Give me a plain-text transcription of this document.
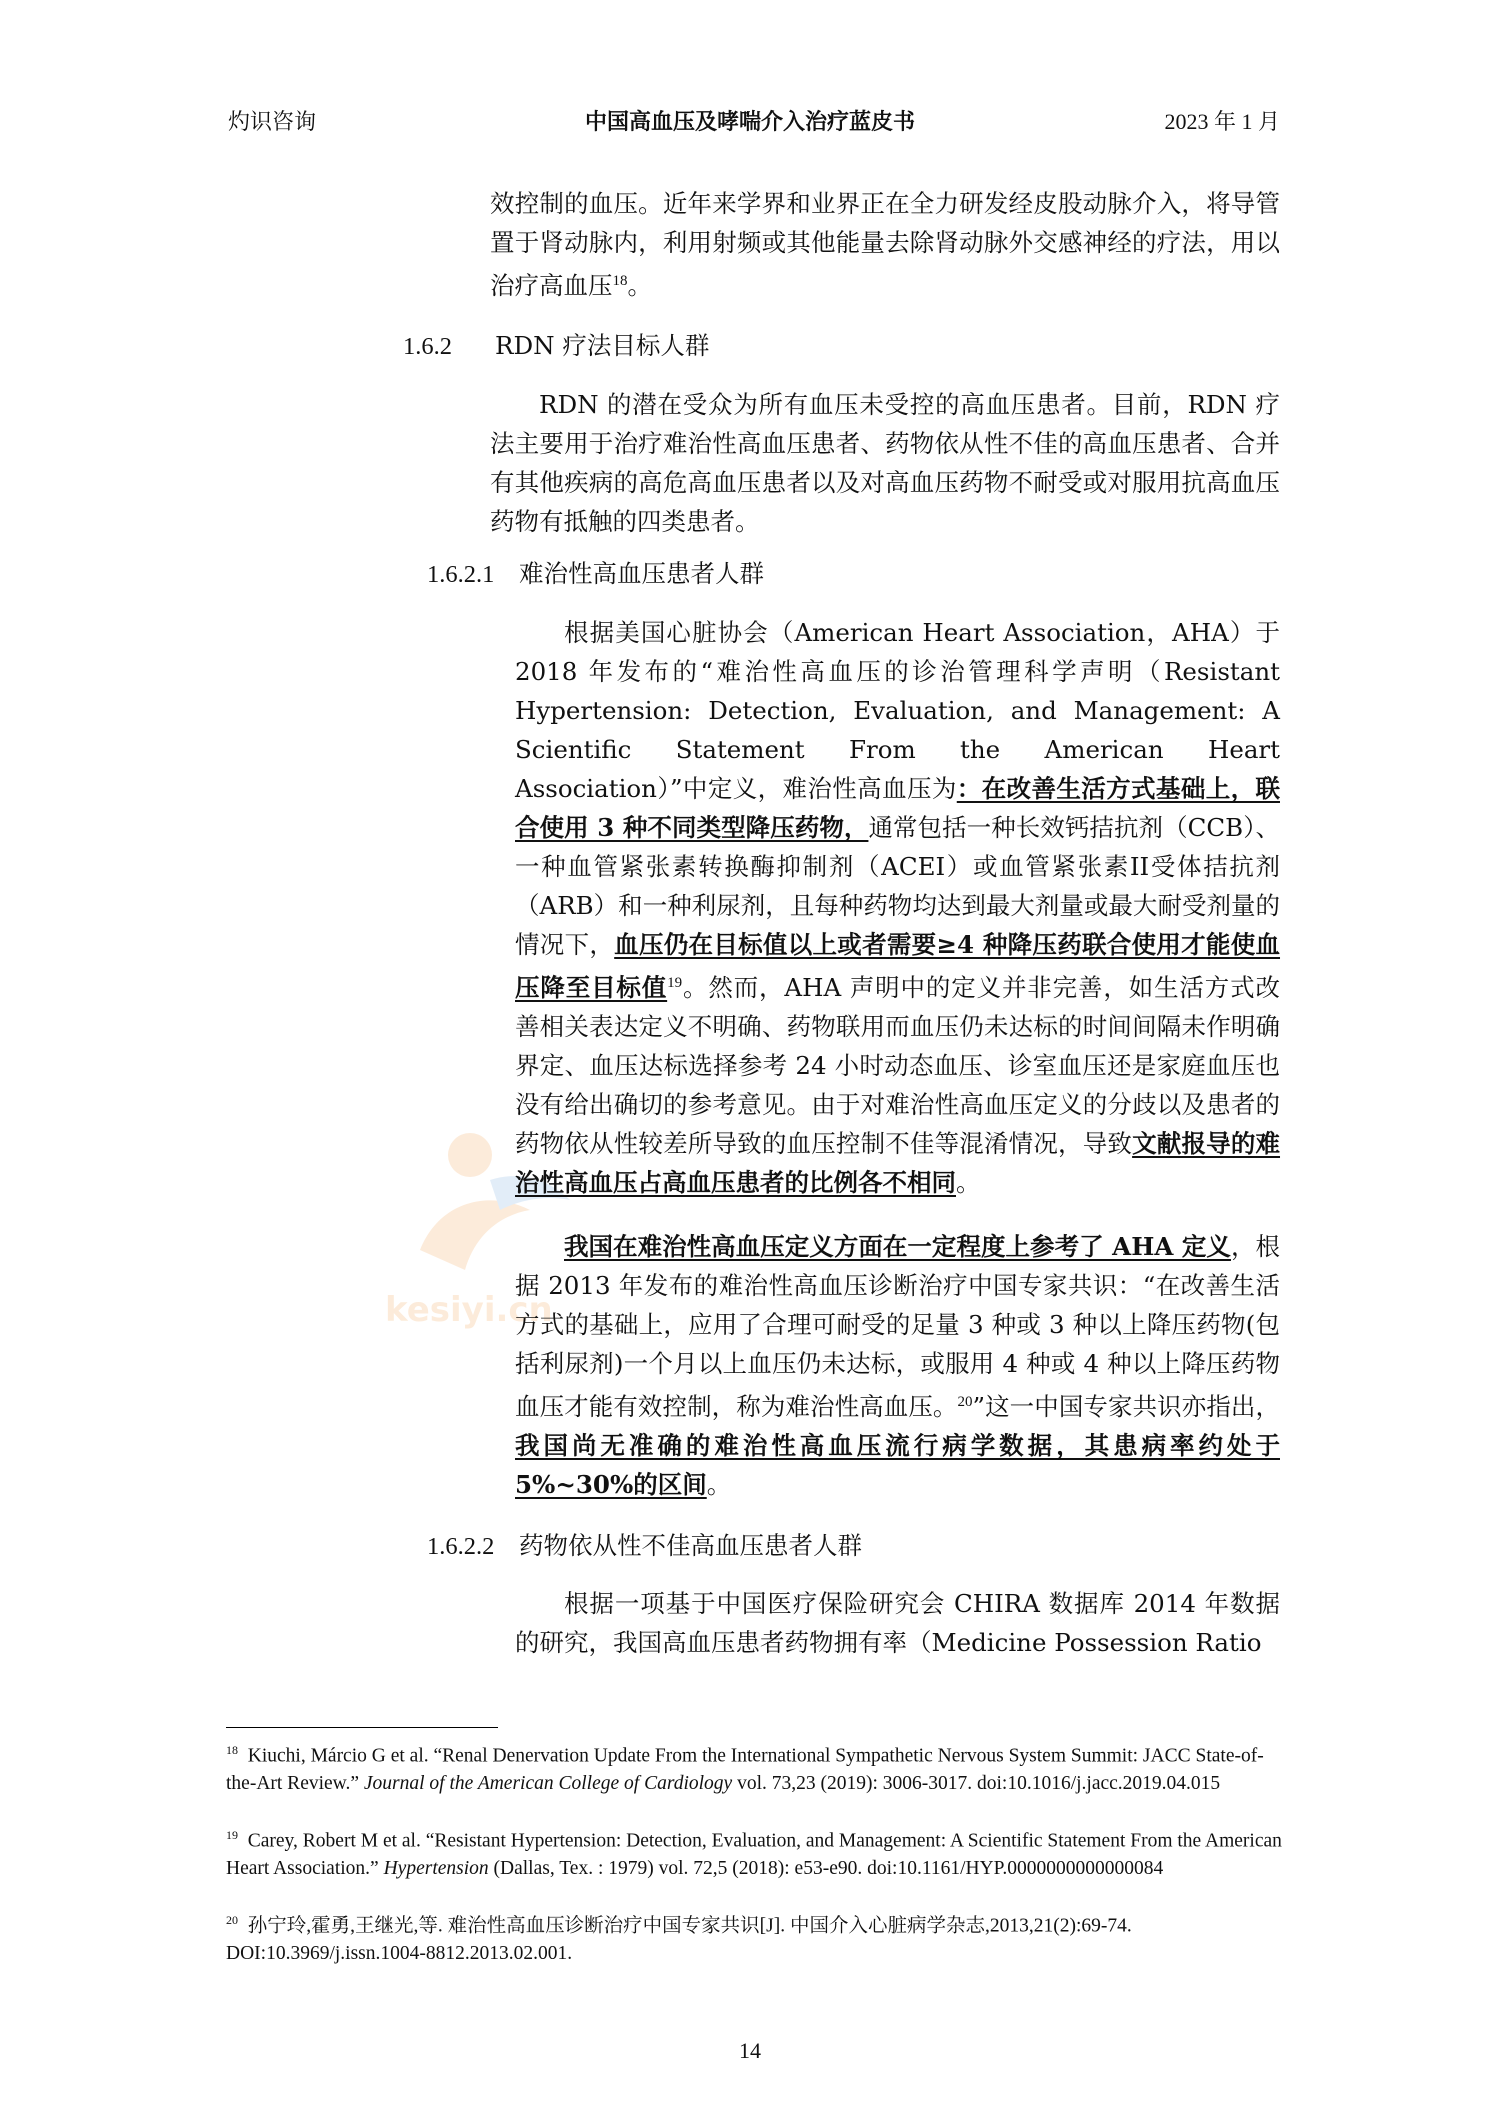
灼识咨询	中国高血压及哮喘介入治疗蓝皮书	2023 年 1 月
kesiyi.cn
效控制的血压。近年来学界和业界正在全力研发经皮股动脉介入，将导管置于肾动脉内，利用射频或其他能量去除肾动脉外交感神经的疗法，用以治疗高血压$^{18}$。
1.6.2 RDN 疗法目标人群
RDN 的潜在受众为所有血压未受控的高血压患者。目前，RDN 疗法主要用于治疗难治性高血压患者、药物依从性不佳的高血压患者、合并有其他疾病的高危高血压患者以及对高血压药物不耐受或对服用抗高血压药物有抵触的四类患者。
1.6.2.1 难治性高血压患者人群
根据美国心脏协会（American Heart Association，AHA）于 2018 年发布的“难治性高血压的诊治管理科学声明（Resistant Hypertension: Detection, Evaluation, and Management: A Scientific Statement From the American Heart Association）”中定义，难治性高血压为：在改善生活方式基础上，联合使用 3 种不同类型降压药物，通常包括一种长效钙拮抗剂（CCB）、一种血管紧张素转换酶抑制剂（ACEI）或血管紧张素II受体拮抗剂（ARB）和一种利尿剂，且每种药物均达到最大剂量或最大耐受剂量的情况下，血压仍在目标值以上或者需要≥4 种降压药联合使用才能使血压降至目标值$^{19}$。然而，AHA 声明中的定义并非完善，如生活方式改善相关表达定义不明确、药物联用而血压仍未达标的时间间隔未作明确界定、血压达标选择参考 24 小时动态血压、诊室血压还是家庭血压也没有给出确切的参考意见。由于对难治性高血压定义的分歧以及患者的药物依从性较差所导致的血压控制不佳等混淆情况，导致文献报导的难治性高血压占高血压患者的比例各不相同。
我国在难治性高血压定义方面在一定程度上参考了 AHA 定义，根据 2013 年发布的难治性高血压诊断治疗中国专家共识：“在改善生活方式的基础上，应用了合理可耐受的足量 3 种或 3 种以上降压药物(包括利尿剂)一个月以上血压仍未达标，或服用 4 种或 4 种以上降压药物血压才能有效控制，称为难治性高血压。$^{20}$”这一中国专家共识亦指出，我国尚无准确的难治性高血压流行病学数据，其患病率约处于 5%~30%的区间。
1.6.2.2 药物依从性不佳高血压患者人群
根据一项基于中国医疗保险研究会 CHIRA 数据库 2014 年数据的研究，我国高血压患者药物拥有率（Medicine Possession Ratio
$^{18}$ Kiuchi, Márcio G et al. “Renal Denervation Update From the International Sympathetic Nervous System Summit: JACC State-of-the-Art Review.” Journal of the American College of Cardiology vol. 73,23 (2019): 3006-3017. doi:10.1016/j.jacc.2019.04.015
$^{19}$ Carey, Robert M et al. “Resistant Hypertension: Detection, Evaluation, and Management: A Scientific Statement From the American Heart Association.” Hypertension (Dallas, Tex. : 1979) vol. 72,5 (2018): e53-e90. doi:10.1161/HYP.0000000000000084
$^{20}$ 孙宁玲,霍勇,王继光,等. 难治性高血压诊断治疗中国专家共识[J]. 中国介入心脏病学杂志,2013,21(2):69-74. DOI:10.3969/j.issn.1004-8812.2013.02.001.
14
